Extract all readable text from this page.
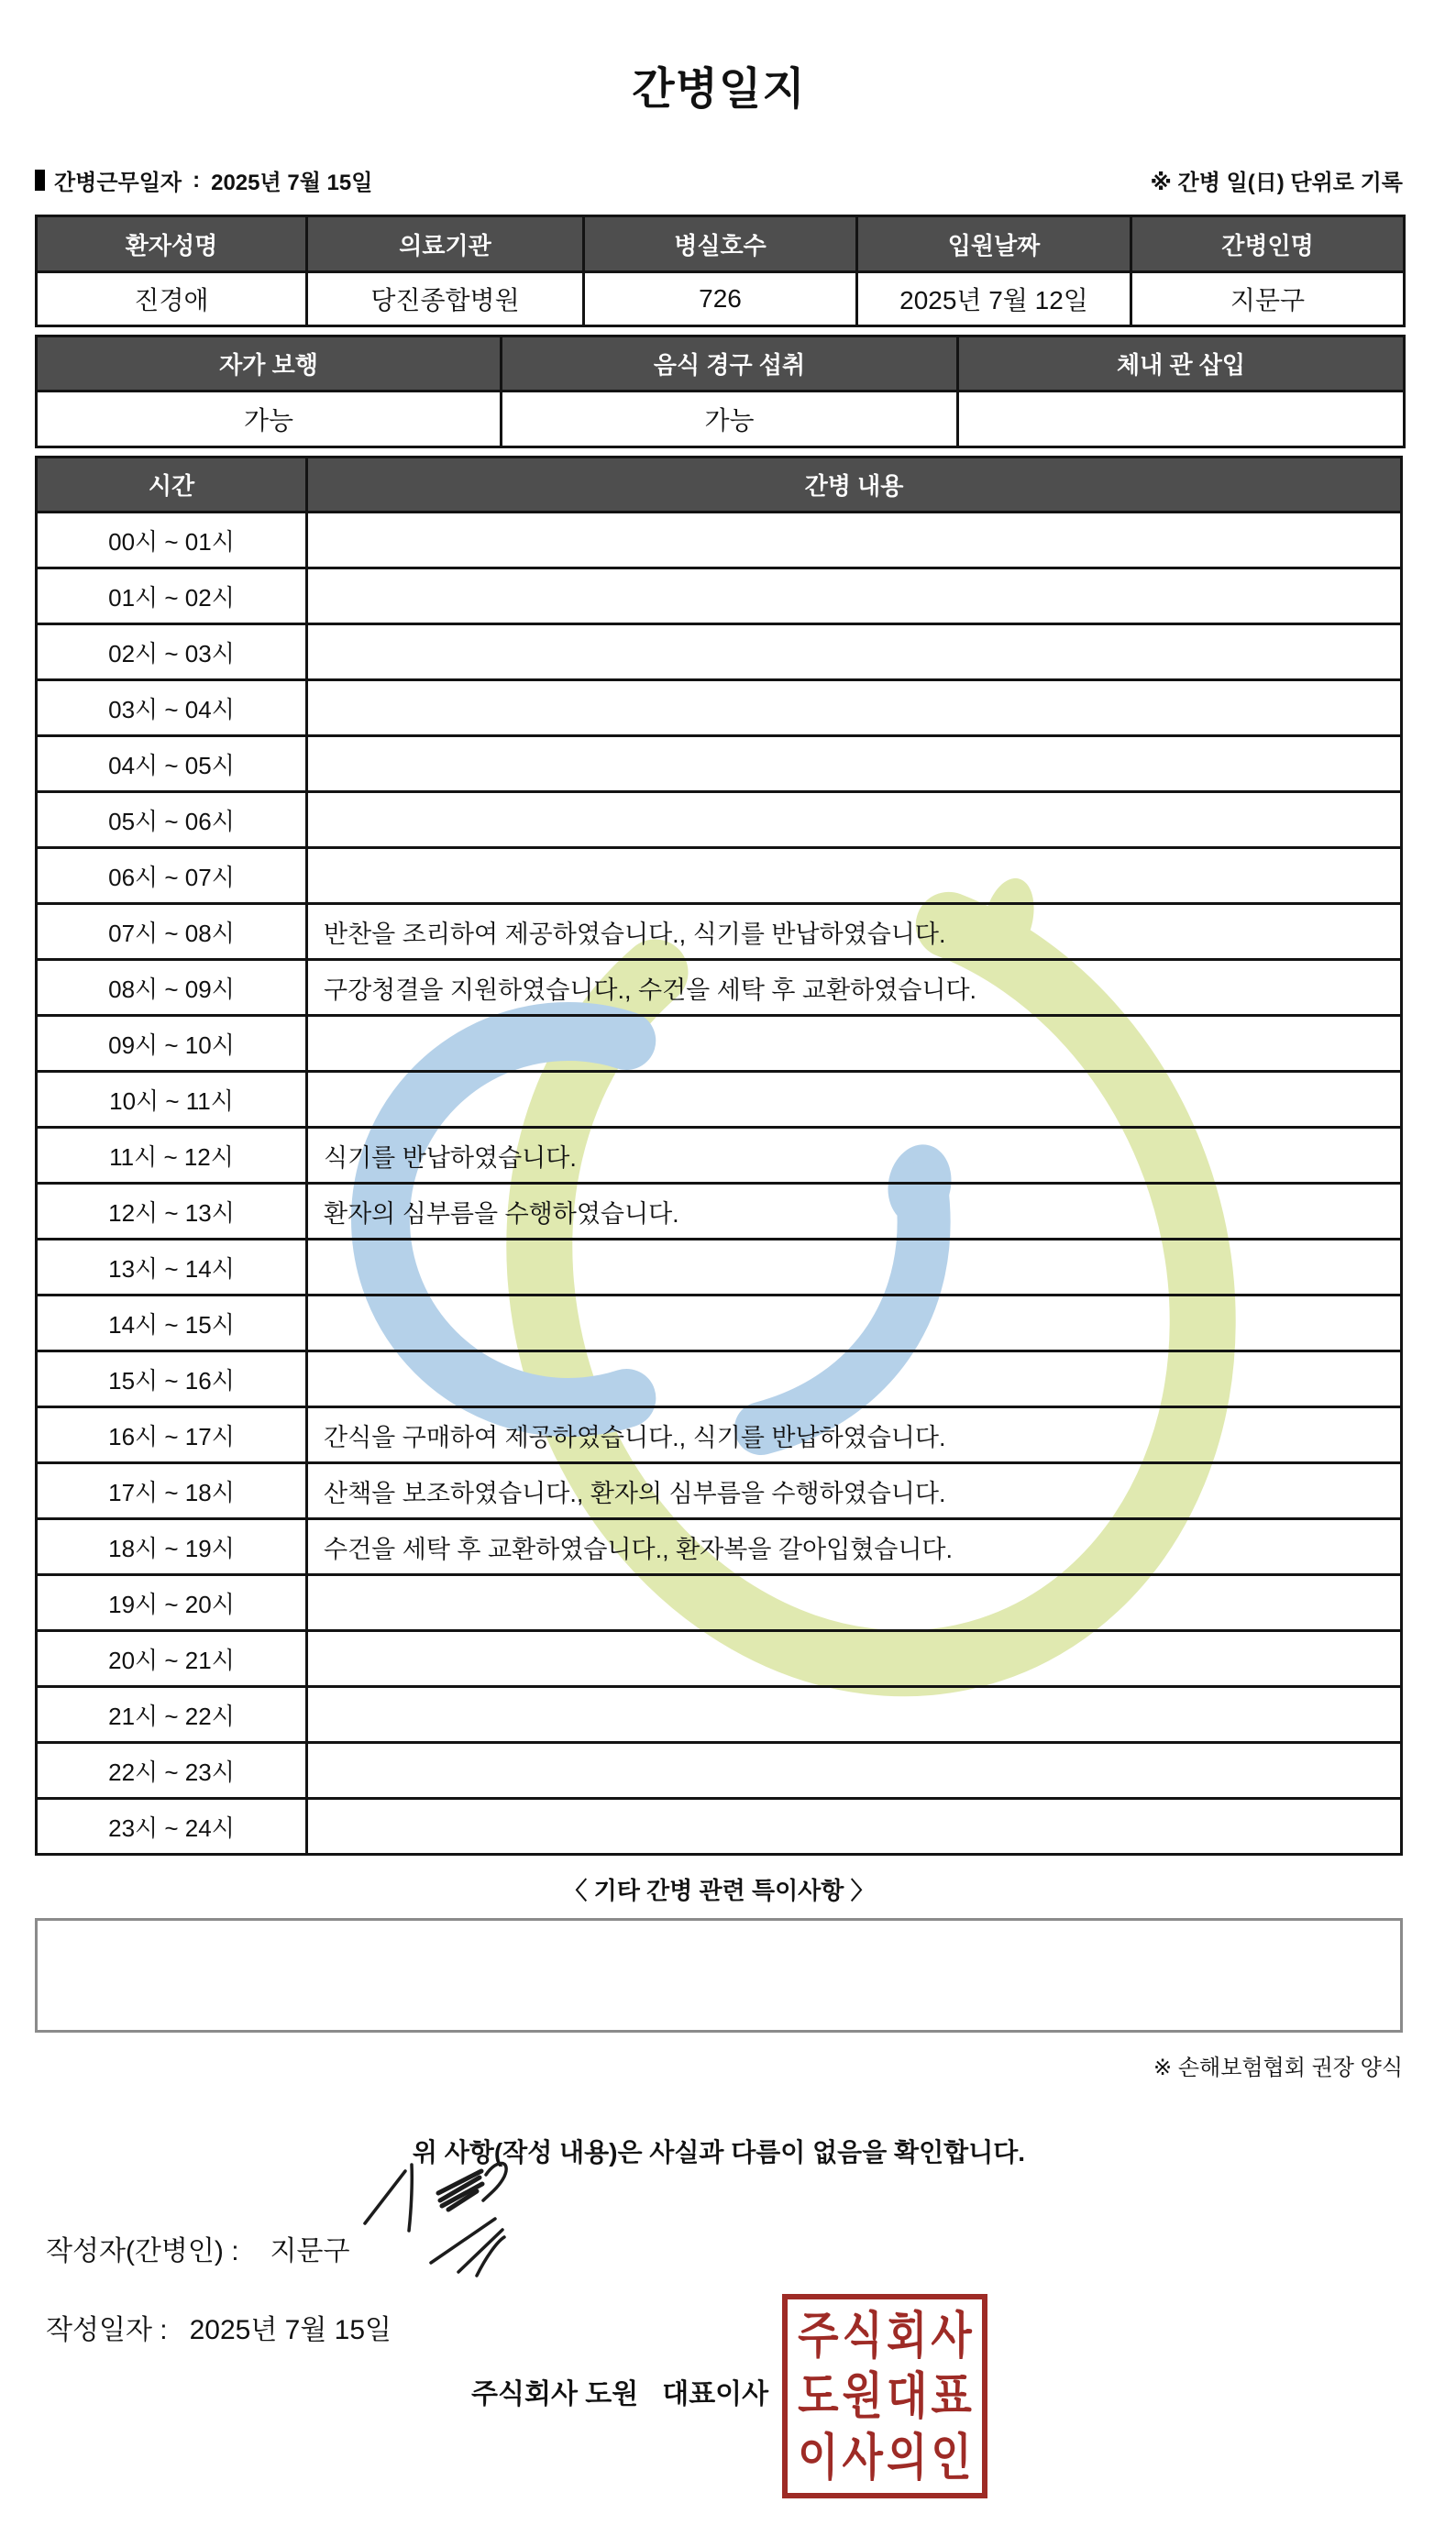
간병일지
간병근무일자 : 2025년 7월 15일	※ 간병 일(日) 단위로 기록
환자성명	의료기관	병실호수	입원날짜	간병인명
진경애	당진종합병원	726	2025년 7월 12일	지문구
자가 보행	음식 경구 섭취	체내 관 삽입
가능	가능	
시간	간병 내용
00시 ~ 01시	
01시 ~ 02시	
02시 ~ 03시	
03시 ~ 04시	
04시 ~ 05시	
05시 ~ 06시	
06시 ~ 07시	
07시 ~ 08시	반찬을 조리하여 제공하였습니다., 식기를 반납하였습니다.
08시 ~ 09시	구강청결을 지원하였습니다., 수건을 세탁 후 교환하였습니다.
09시 ~ 10시	
10시 ~ 11시	
11시 ~ 12시	식기를 반납하였습니다.
12시 ~ 13시	환자의 심부름을 수행하였습니다.
13시 ~ 14시	
14시 ~ 15시	
15시 ~ 16시	
16시 ~ 17시	간식을 구매하여 제공하였습니다., 식기를 반납하였습니다.
17시 ~ 18시	산책을 보조하였습니다., 환자의 심부름을 수행하였습니다.
18시 ~ 19시	수건을 세탁 후 교환하였습니다., 환자복을 갈아입혔습니다.
19시 ~ 20시	
20시 ~ 21시	
21시 ~ 22시	
22시 ~ 23시	
23시 ~ 24시	
〈 기타 간병 관련 특이사항 〉
※ 손해보험협회 권장 양식
위 사항(작성 내용)은 사실과 다름이 없음을 확인합니다.
작성자(간병인) : 지문구
작성일자 : 2025년 7월 15일
주식회사 도원 대표이사
주식회사
도원대표
이사의인
